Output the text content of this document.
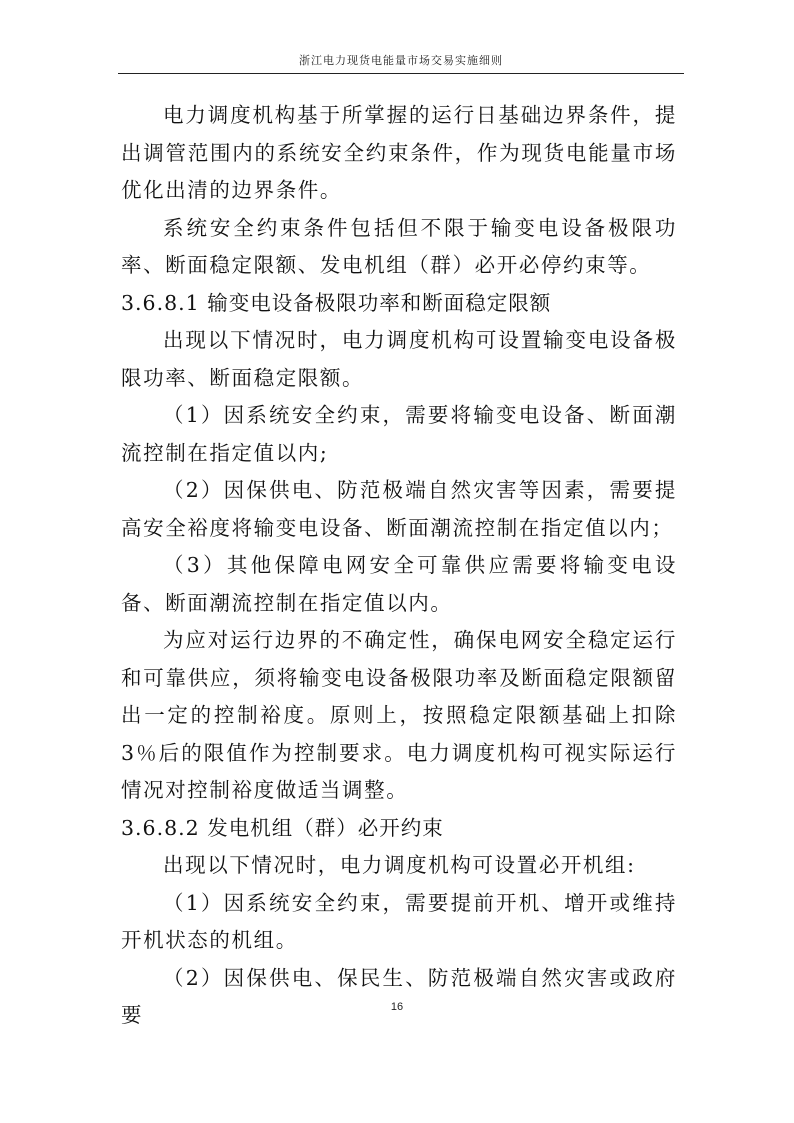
浙江电力现货电能量市场交易实施细则

电力调度机构基于所掌握的运行日基础边界条件，提出调管范围内的系统安全约束条件，作为现货电能量市场优化出清的边界条件。

系统安全约束条件包括但不限于输变电设备极限功率、断面稳定限额、发电机组（群）必开必停约束等。

3.6.8.1 输变电设备极限功率和断面稳定限额

出现以下情况时，电力调度机构可设置输变电设备极限功率、断面稳定限额。

（1）因系统安全约束，需要将输变电设备、断面潮流控制在指定值以内;

（2）因保供电、防范极端自然灾害等因素，需要提高安全裕度将输变电设备、断面潮流控制在指定值以内；

（3）其他保障电网安全可靠供应需要将输变电设备、断面潮流控制在指定值以内。

为应对运行边界的不确定性，确保电网安全稳定运行和可靠供应，须将输变电设备极限功率及断面稳定限额留出一定的控制裕度。原则上，按照稳定限额基础上扣除 3％后的限值作为控制要求。电力调度机构可视实际运行情况对控制裕度做适当调整。

3.6.8.2 发电机组（群）必开约束

出现以下情况时，电力调度机构可设置必开机组:

（1）因系统安全约束，需要提前开机、增开或维持开机状态的机组。

（2）因保供电、保民生、防范极端自然灾害或政府要	16
